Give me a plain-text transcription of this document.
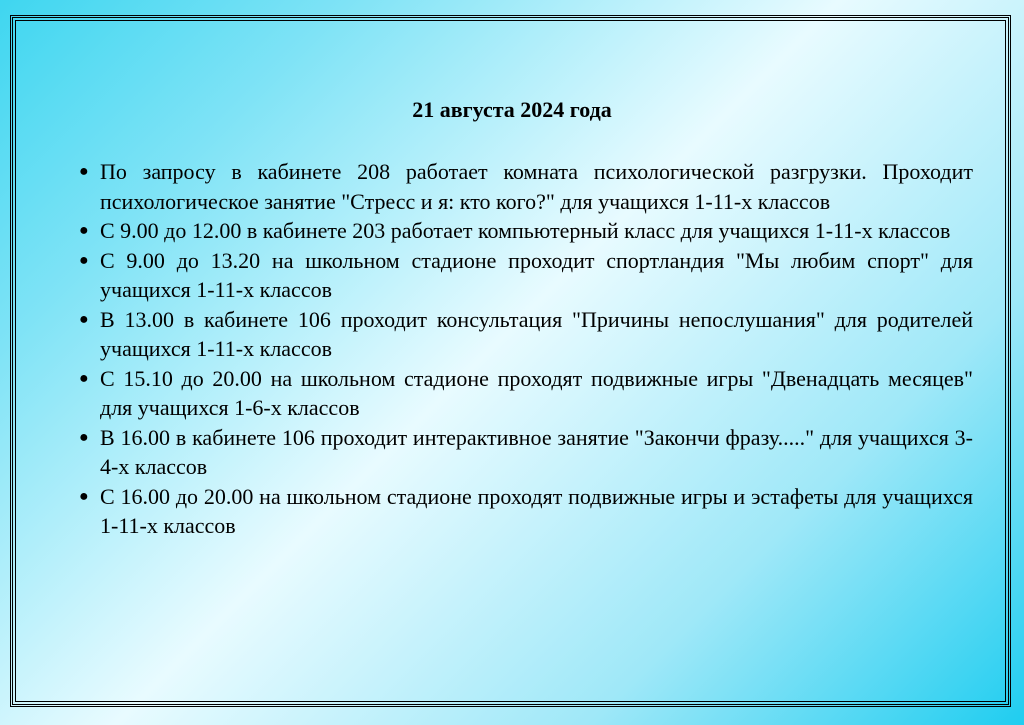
21 августа 2024 года
● По запросу в кабинете 208 работает комната психологической разгрузки. Проходит психологическое занятие "Стресс и я: кто кого?" для учащихся 1-11-х классов
● С 9.00 до 12.00 в кабинете 203 работает компьютерный класс для учащихся 1-11-х классов
● С 9.00 до 13.20 на школьном стадионе проходит спортландия "Мы любим спорт" для учащихся 1-11-х классов
● В 13.00 в кабинете 106 проходит консультация "Причины непослушания" для родителей учащихся 1-11-х классов
● С 15.10 до 20.00 на школьном стадионе проходят подвижные игры "Двенадцать месяцев" для учащихся 1-6-х классов
● В 16.00 в кабинете 106 проходит интерактивное занятие "Закончи фразу....." для учащихся 3-4-х классов
● С 16.00 до 20.00 на школьном стадионе проходят подвижные игры и эстафеты для учащихся 1-11-х классов
